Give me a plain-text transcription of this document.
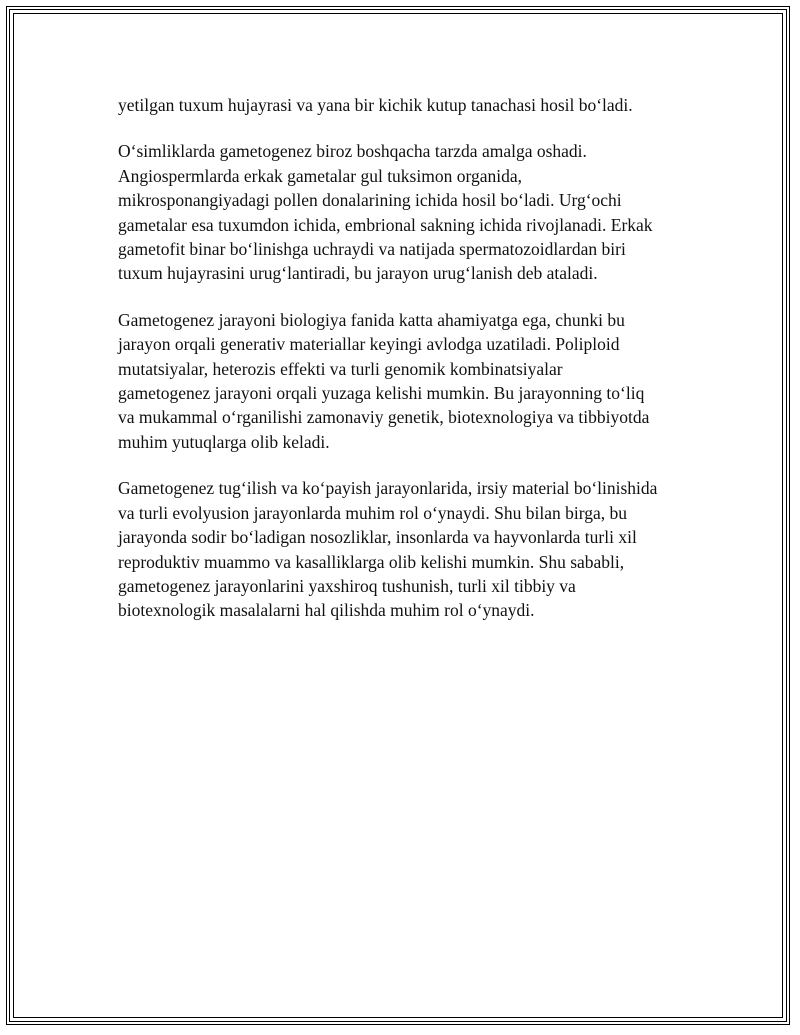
yetilgan tuxum hujayrasi va yana bir kichik kutup tanachasi hosil bo‘ladi.

O‘simliklarda gametogenez biroz boshqacha tarzda amalga oshadi.
Angiospermlarda erkak gametalar gul tuksimon organida,
mikrosponangiyadagi pollen donalarining ichida hosil bo‘ladi. Urg‘ochi
gametalar esa tuxumdon ichida, embrional sakning ichida rivojlanadi. Erkak
gametofit binar bo‘linishga uchraydi va natijada spermatozoidlardan biri
tuxum hujayrasini urug‘lantiradi, bu jarayon urug‘lanish deb ataladi.

Gametogenez jarayoni biologiya fanida katta ahamiyatga ega, chunki bu
jarayon orqali generativ materiallar keyingi avlodga uzatiladi. Poliploid
mutatsiyalar, heterozis effekti va turli genomik kombinatsiyalar
gametogenez jarayoni orqali yuzaga kelishi mumkin. Bu jarayonning to‘liq
va mukammal o‘rganilishi zamonaviy genetik, biotexnologiya va tibbiyotda
muhim yutuqlarga olib keladi.

Gametogenez tug‘ilish va ko‘payish jarayonlarida, irsiy material bo‘linishida
va turli evolyusion jarayonlarda muhim rol o‘ynaydi. Shu bilan birga, bu
jarayonda sodir bo‘ladigan nosozliklar, insonlarda va hayvonlarda turli xil
reproduktiv muammo va kasalliklarga olib kelishi mumkin. Shu sababli,
gametogenez jarayonlarini yaxshiroq tushunish, turli xil tibbiy va
biotexnologik masalalarni hal qilishda muhim rol o‘ynaydi.
